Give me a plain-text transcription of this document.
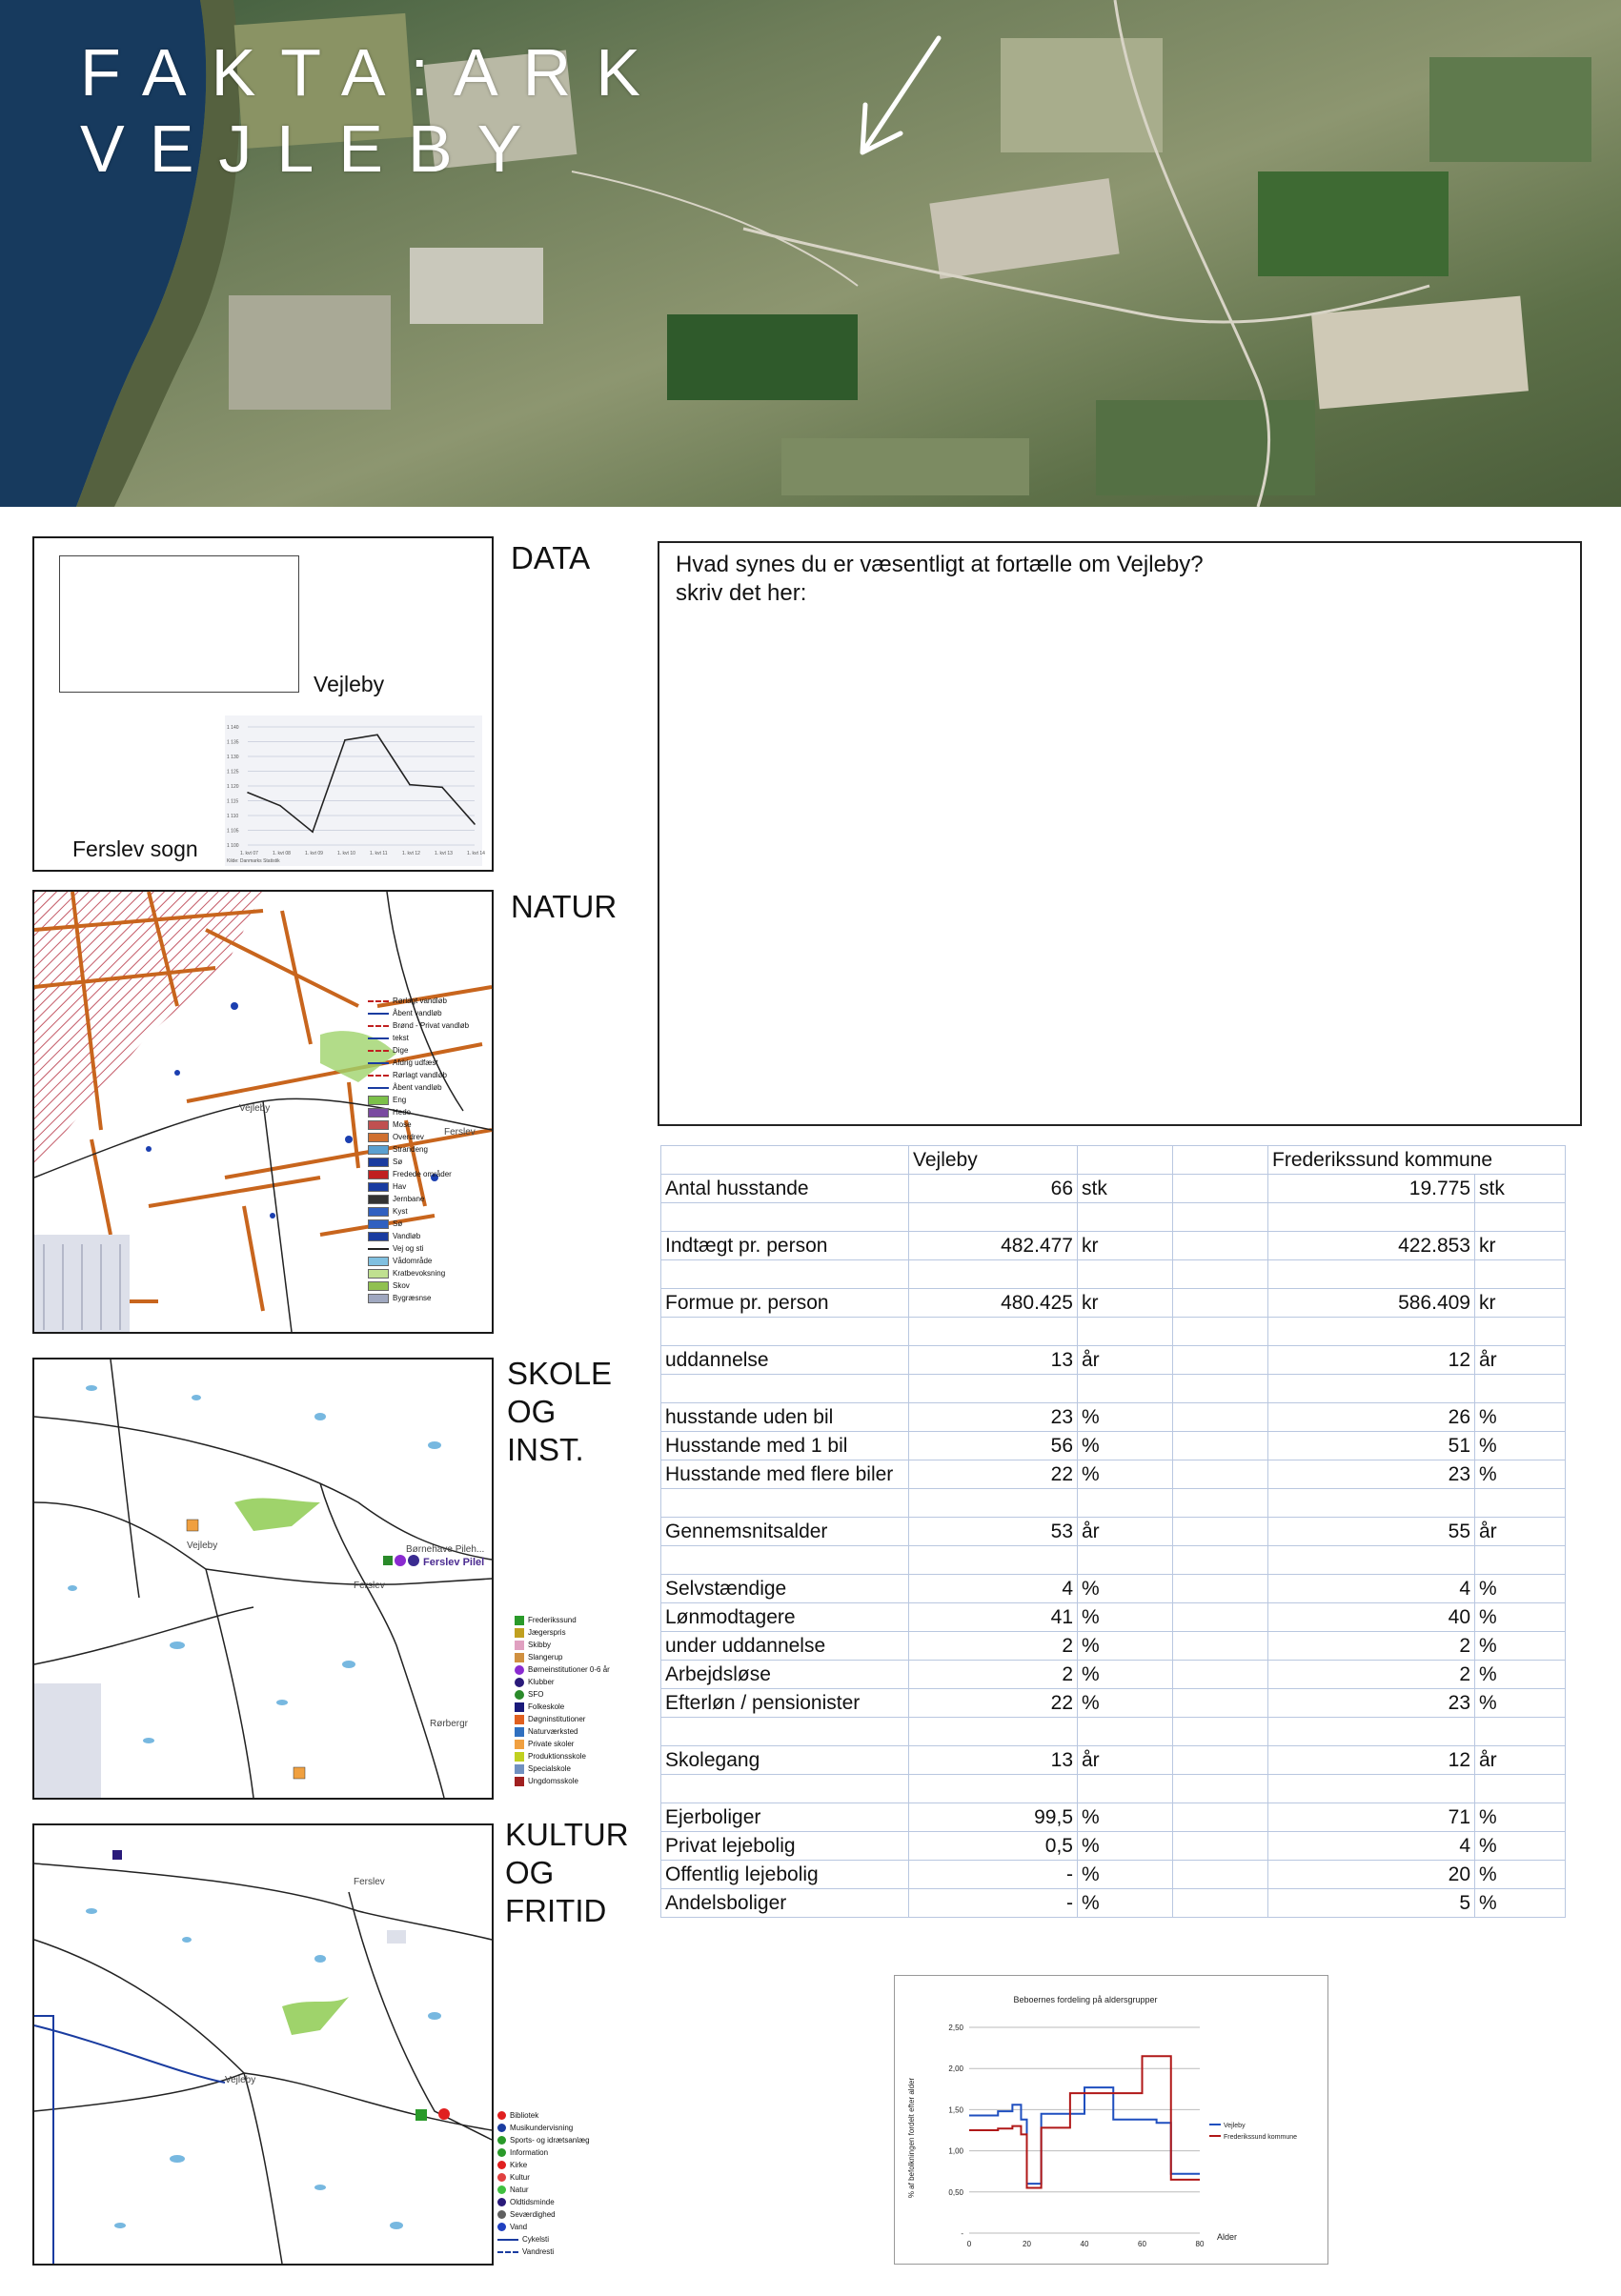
FAKTA:ARK
VEJLEBY
Vejleby
Ferslev sogn
1 140
1 135
1 130
1 125
1 120
1 115
1 110
1 105
1 100
1. kvt 07	1. kvt 08	1. kvt 09	1. kvt 10	1. kvt 11	1. kvt 12	1. kvt 13	1. kvt 14
Kilde: Danmarks Statistik
DATA
Vejleby
Ferslev
Rørlagt vandløb
Åbent vandløb
Brønd - Privat vandløb
tekst
Dige
Afdrig udfæst
Rørlagt vandløb
Åbent vandløb
Eng
Hede
Mose
Overdrev
Strandeng
Sø
Fredede områder
Hav
Jernbane
Kyst
Sø
Vandløb
Vej og sti
Vådområde
Kratbevoksning
Skov
Bygræsnse
NATUR
Vejleby
Ferslev
Børnehave Pileh...
Ferslev Pilel
Rørbergr
Frederikssund
Jægerspris
Skibby
Slangerup
Børneinstitutioner 0-6 år
Klubber
SFO
Folkeskole
Døgninstitutioner
Naturværksted
Private skoler
Produktionsskole
Specialskole
Ungdomsskole
SKOLE
OG
INST.
Vejleby
Ferslev
Bibliotek
Musikundervisning
Sports- og idrætsanlæg
Information
Kirke
Kultur
Natur
Oldtidsminde
Seværdighed
Vand
Cykelsti
Vandresti
KULTUR
OG
FRITID
Hvad synes du er væsentligt at fortælle om Vejleby?
skriv det her:
	Vejleby			Frederikssund kommune	
Antal husstande	66	stk		19.775	stk

Indtægt pr. person	482.477	kr		422.853	kr

Formue pr. person	480.425	kr		586.409	kr

uddannelse	13	år		12	år

husstande uden bil	23	%		26	%
Husstande med 1 bil	56	%		51	%
Husstande med flere biler	22	%		23	%

Gennemsnitsalder	53	år		55	år

Selvstændige	4	%		4	%
Lønmodtagere	41	%		40	%
under uddannelse	2	%		2	%
Arbejdsløse	2	%		2	%
Efterløn / pensionister	22	%		23	%

Skolegang	13	år		12	år

Ejerboliger	99,5	%		71	%
Privat lejebolig	0,5	%		4	%
Offentlig lejebolig	-	%		20	%
Andelsboliger	-	%		5	%
Beboernes fordeling på aldersgrupper
% af befolkningen fordelt efter alder
Alder
-
0,50
1,00
1,50
2,00
2,50
0	20	40	60	80
Vejleby
Frederikssund kommune
